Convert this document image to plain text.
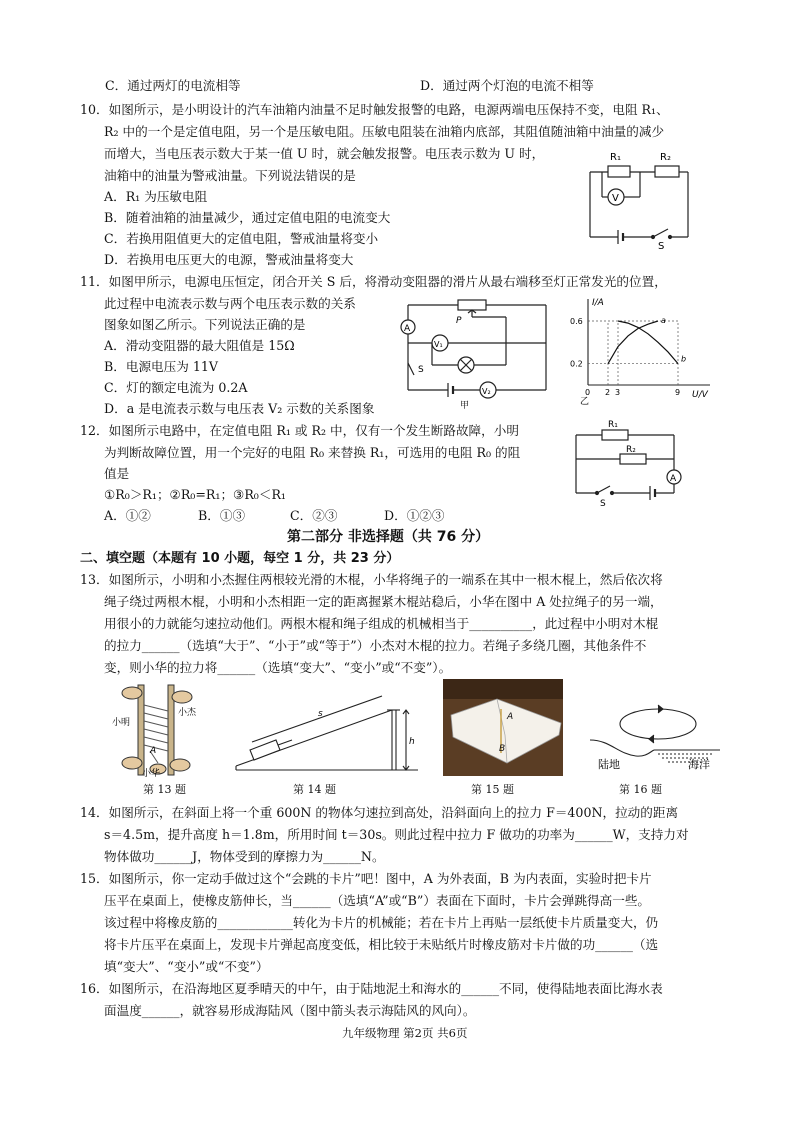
C．通过两灯的电流相等	D．通过两个灯泡的电流不相等
10．如图所示，是小明设计的汽车油箱内油量不足时触发报警的电路，电源两端电压保持不变，电阻 R₁、
R₂ 中的一个是定值电阻，另一个是压敏电阻。压敏电阻装在油箱内底部，其阻值随油箱中油量的减少
而增大，当电压表示数大于某一值 U 时，就会触发报警。电压表示数为 U 时，
油箱中的油量为警戒油量。下列说法错误的是
A．R₁ 为压敏电阻
B．随着油箱的油量减少，通过定值电阻的电流变大
C．若换用阻值更大的定值电阻，警戒油量将变小
D．若换用电压更大的电源，警戒油量将变大
11．如图甲所示，电源电压恒定，闭合开关 S 后，将滑动变阻器的滑片从最右端移至灯正常发光的位置，
此过程中电流表示数与两个电压表示数的关系
图象如图乙所示。下列说法正确的是
A．滑动变阻器的最大阻值是 15Ω
B．电源电压为 11V
C．灯的额定电流为 0.2A
D．a 是电流表示数与电压表 V₂ 示数的关系图象
12．如图所示电路中，在定值电阻 R₁ 或 R₂ 中，仅有一个发生断路故障，小明
为判断故障位置，用一个完好的电阻 R₀ 来替换 R₁，可选用的电阻 R₀ 的阻
值是
①R₀＞R₁；②R₀=R₁；③R₀＜R₁
A．①②	B．①③	C．②③	D．①②③
第二部分 非选择题（共 76 分）
二、填空题（本题有 10 小题，每空 1 分，共 23 分）
13．如图所示，小明和小杰握住两根较光滑的木棍，小华将绳子的一端系在其中一根木棍上，然后依次将
绳子绕过两根木棍，小明和小杰相距一定的距离握紧木棍站稳后，小华在图中 A 处拉绳子的另一端，
用很小的力就能匀速拉动他们。两根木棍和绳子组成的机械相当于__________，此过程中小明对木棍
的拉力______（选填“大于”、“小于”或“等于”）小杰对木棍的拉力。若绳子多绕几圈，其他条件不
变，则小华的拉力将______（选填“变大”、“变小”或“不变”）。
14．如图所示，在斜面上将一个重 600N 的物体匀速拉到高处，沿斜面向上的拉力 F＝400N，拉动的距离
s＝4.5m，提升高度 h＝1.8m，所用时间 t＝30s。则此过程中拉力 F 做功的功率为______W，支持力对
物体做功______J，物体受到的摩擦力为______N。
15．如图所示，你一定动手做过这个“会跳的卡片”吧！图中，A 为外表面，B 为内表面，实验时把卡片
压平在桌面上，使橡皮筋伸长，当______（选填“A”或“B”）表面在下面时，卡片会弹跳得高一些。
该过程中将橡皮筋的____________转化为卡片的机械能；若在卡片上再贴一层纸使卡片质量变大，仍
将卡片压平在桌面上，发现卡片弹起高度变低，相比较于未贴纸片时橡皮筋对卡片做的功______（选
填“变大”、“变小”或“不变”）
16．如图所示，在沿海地区夏季晴天的中午，由于陆地泥土和海水的______不同，使得陆地表面比海水表
面温度______，就容易形成海陆风（图中箭头表示海陆风的风向）。
九年级物理 第2页 共6页
R₁	R₂
V
S
A
P
V₁
V₂
S
甲
I/A
U/V
乙
0 2 3	9
0.2
0.6	a
b
R₁
R₂
A
S
小明
小杰
A
小华
第 13 题
s
h
第 14 题
A
B
第 15 题
陆地	海洋
第 16 题
